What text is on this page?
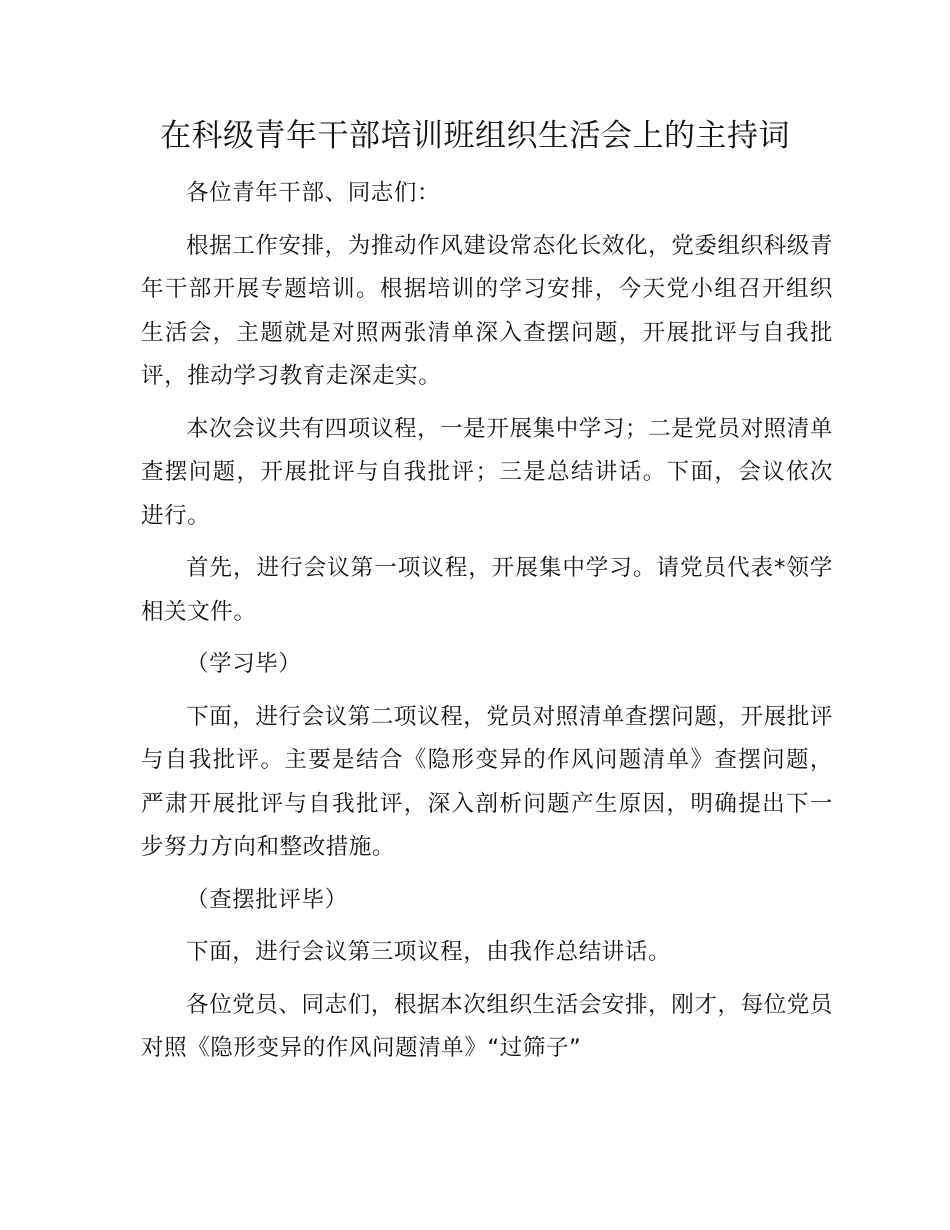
在科级青年干部培训班组织生活会上的主持词

各位青年干部、同志们：

根据工作安排，为推动作风建设常态化长效化，党委组织科级青年干部开展专题培训。根据培训的学习安排，今天党小组召开组织生活会，主题就是对照两张清单深入查摆问题，开展批评与自我批评，推动学习教育走深走实。

本次会议共有四项议程，一是开展集中学习；二是党员对照清单查摆问题，开展批评与自我批评；三是总结讲话。下面，会议依次进行。

首先，进行会议第一项议程，开展集中学习。请党员代表*领学相关文件。

（学习毕）

下面，进行会议第二项议程，党员对照清单查摆问题，开展批评与自我批评。主要是结合《隐形变异的作风问题清单》查摆问题，严肃开展批评与自我批评，深入剖析问题产生原因，明确提出下一步努力方向和整改措施。

（查摆批评毕）

下面，进行会议第三项议程，由我作总结讲话。

各位党员、同志们，根据本次组织生活会安排，刚才，每位党员对照《隐形变异的作风问题清单》“过筛子”
